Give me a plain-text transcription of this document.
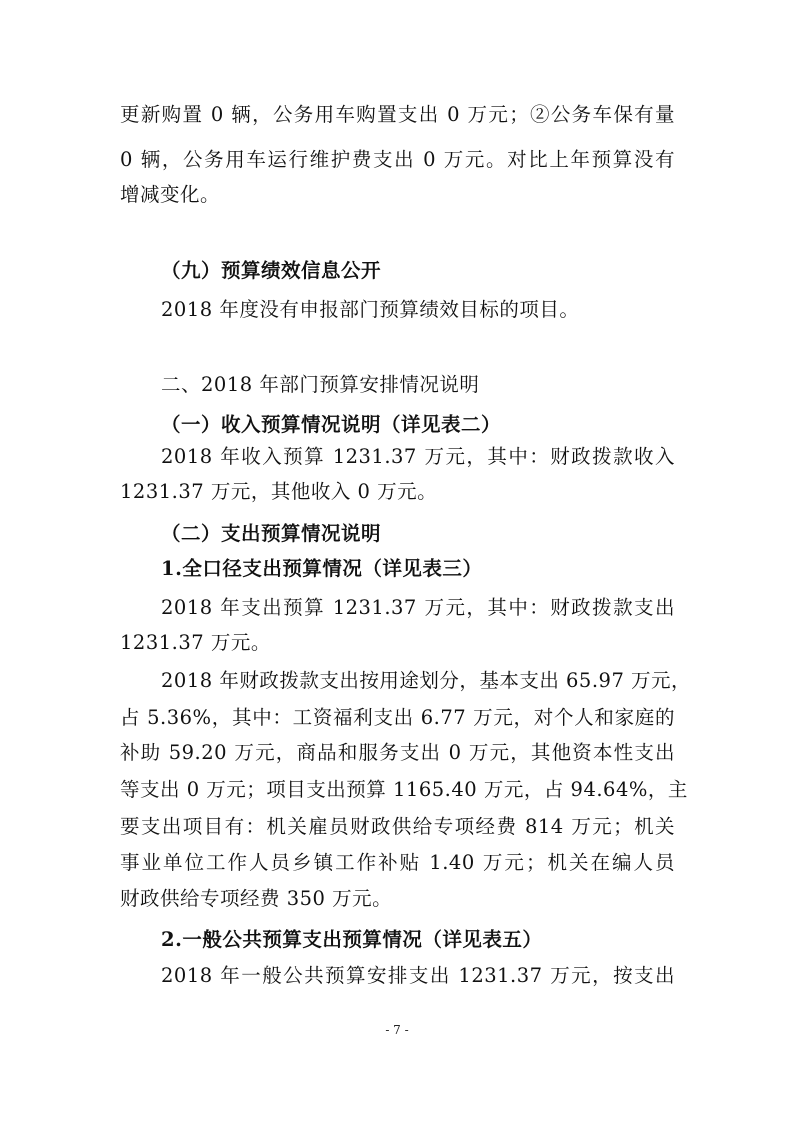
更新购置 0 辆，公务用车购置支出 0 万元；②公务车保有量
0 辆，公务用车运行维护费支出 0 万元。对比上年预算没有
增减变化。
（九）预算绩效信息公开
2018 年度没有申报部门预算绩效目标的项目。
二、2018 年部门预算安排情况说明
（一）收入预算情况说明（详见表二）
2018 年收入预算 1231.37 万元，其中：财政拨款收入
1231.37 万元，其他收入 0 万元。
（二）支出预算情况说明
1.全口径支出预算情况（详见表三）
2018 年支出预算 1231.37 万元，其中：财政拨款支出
1231.37 万元。
2018 年财政拨款支出按用途划分，基本支出 65.97 万元，
占 5.36%，其中：工资福利支出 6.77 万元，对个人和家庭的
补助 59.20 万元，商品和服务支出 0 万元，其他资本性支出
等支出 0 万元；项目支出预算 1165.40 万元，占 94.64%，主
要支出项目有：机关雇员财政供给专项经费 814 万元；机关
事业单位工作人员乡镇工作补贴 1.40 万元；机关在编人员
财政供给专项经费 350 万元。
2.一般公共预算支出预算情况（详见表五）
2018 年一般公共预算安排支出 1231.37 万元，按支出
- 7 -
